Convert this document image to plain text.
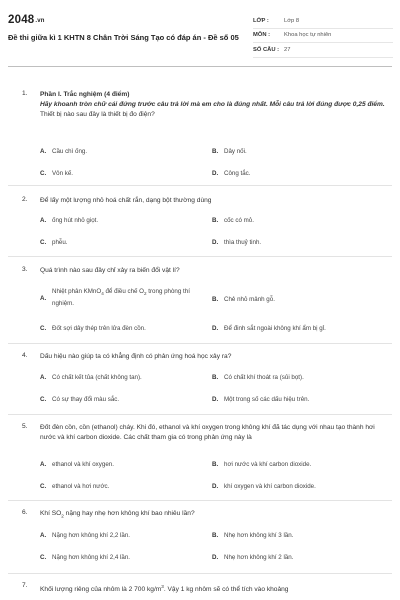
2048.vn
Đề thi giữa kì 1 KHTN 8 Chân Trời Sáng Tạo có đáp án - Đề số 05
LỚP :	Lớp 8
MÔN :	Khoa học tự nhiên
SỐ CÂU : 27
1. Phần I. Trắc nghiệm (4 điểm)
Hãy khoanh tròn chữ cái đứng trước câu trả lời mà em cho là đúng nhất. Mỗi câu trả lời đúng được 0,25 điểm.
Thiết bị nào sau đây là thiết bị đo điện?
A. Cầu chì ống.	B. Dây nối.
C. Vôn kế.	D. Công tắc.
2. Để lấy một lượng nhỏ hoá chất rắn, dạng bột thường dùng
A. ống hút nhỏ giọt.	B. cốc có mỏ.
C. phễu.	D. thìa thuỷ tinh.
3. Quá trình nào sau đây chỉ xảy ra biến đổi vật lí?
A.
Nhiệt phân KMnO$_4$ để điều chế $O_2$ trong phòng thí nghiệm.
B. Chẻ nhỏ mảnh gỗ.
C. Đốt sợi dây thép trên lửa đèn cồn.	D. Để đinh sắt ngoài không khí ẩm bị gỉ.
4. Dấu hiệu nào giúp ta có khẳng định có phản ứng hoá học xảy ra?
A. Có chất kết tủa (chất không tan).	B. Có chất khí thoát ra (sủi bọt).
C. Có sự thay đổi màu sắc.	D. Một trong số các dấu hiệu trên.
5. Đốt đèn cồn, cồn (ethanol) cháy. Khi đó, ethanol và khí oxygen trong không khí đã tác dụng với nhau tạo thành hơi nước và khí carbon dioxide. Các chất tham gia có trong phản ứng này là
A. ethanol và khí oxygen.	B. hơi nước và khí carbon dioxide.
C. ethanol và hơi nước.	D. khí oxygen và khí carbon dioxide.
6. Khí $SO_2$ nặng hay nhẹ hơn không khí bao nhiêu lần?
A. Nặng hơn không khí 2,2 lần.	B. Nhẹ hơn không khí 3 lần.
C. Nặng hơn không khí 2,4 lần.	D. Nhẹ hơn không khí 2 lần.
7.
Khối lượng riêng của nhôm là 2 700 $kg/m^3$. Vậy 1 kg nhôm sẽ có thể tích vào khoảng
